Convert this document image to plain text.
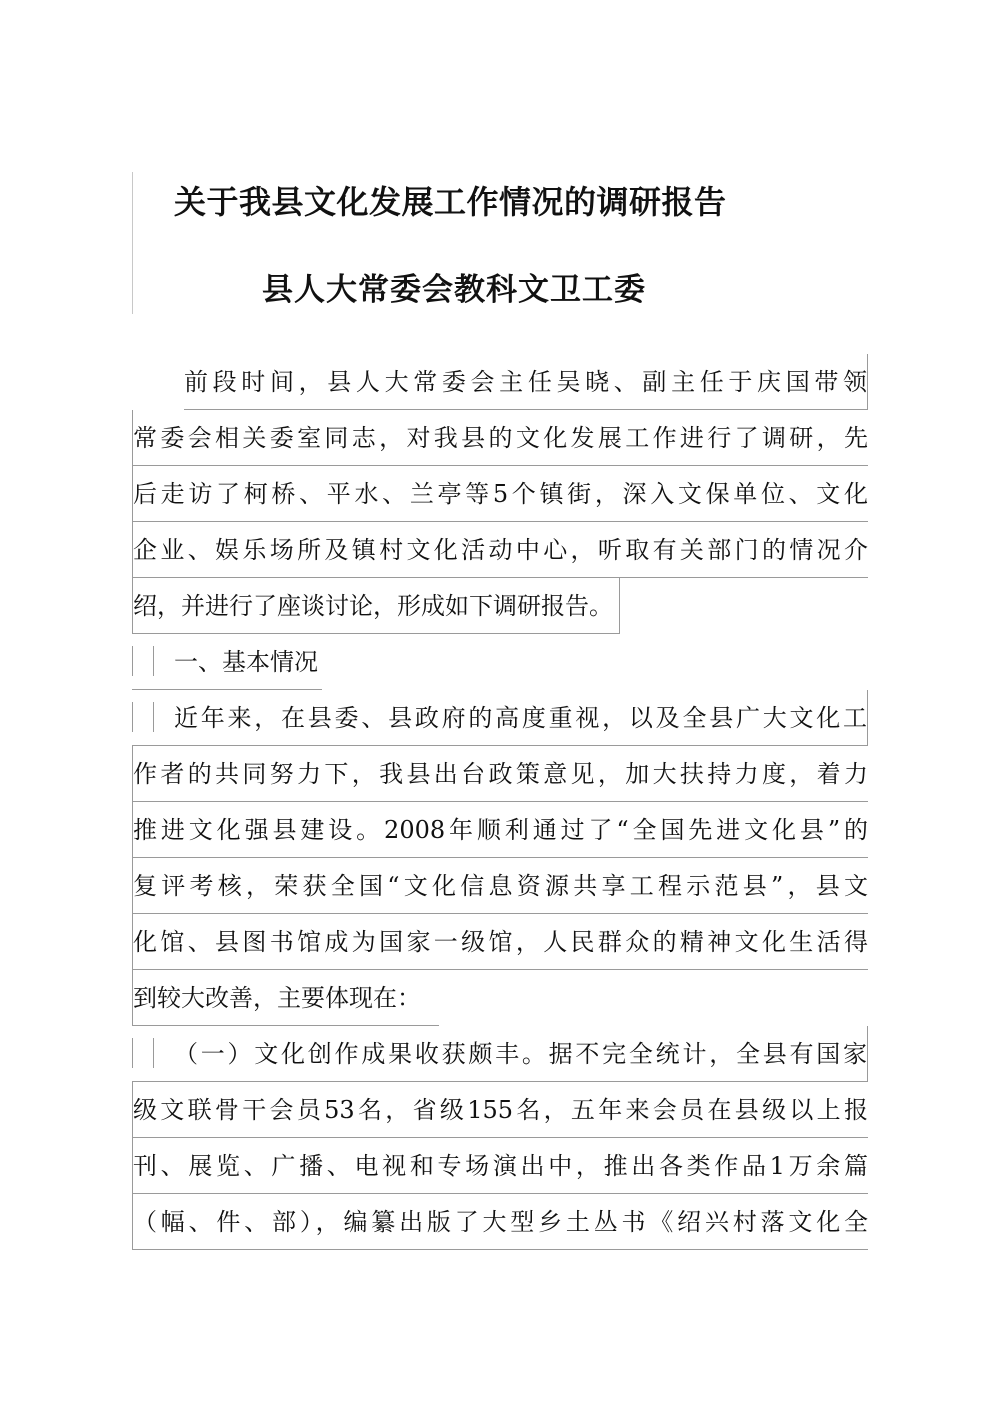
关于我县文化发展工作情况的调研报告
县人大常委会教科文卫工委
前段时间，县人大常委会主任吴晓、副主任于庆国带领
常委会相关委室同志，对我县的文化发展工作进行了调研，先
后走访了柯桥、平水、兰亭等5个镇街，深入文保单位、文化
企业、娱乐场所及镇村文化活动中心，听取有关部门的情况介
绍，并进行了座谈讨论，形成如下调研报告。
一、基本情况
近年来，在县委、县政府的高度重视，以及全县广大文化工
作者的共同努力下，我县出台政策意见，加大扶持力度，着力
推进文化强县建设。2008年顺利通过了“全国先进文化县”的
复评考核，荣获全国“文化信息资源共享工程示范县”，县文
化馆、县图书馆成为国家一级馆，人民群众的精神文化生活得
到较大改善，主要体现在：
（一）文化创作成果收获颇丰。据不完全统计，全县有国家
级文联骨干会员53名，省级155名，五年来会员在县级以上报
刊、展览、广播、电视和专场演出中，推出各类作品1万余篇
（幅、件、部），编纂出版了大型乡土丛书《绍兴村落文化全
